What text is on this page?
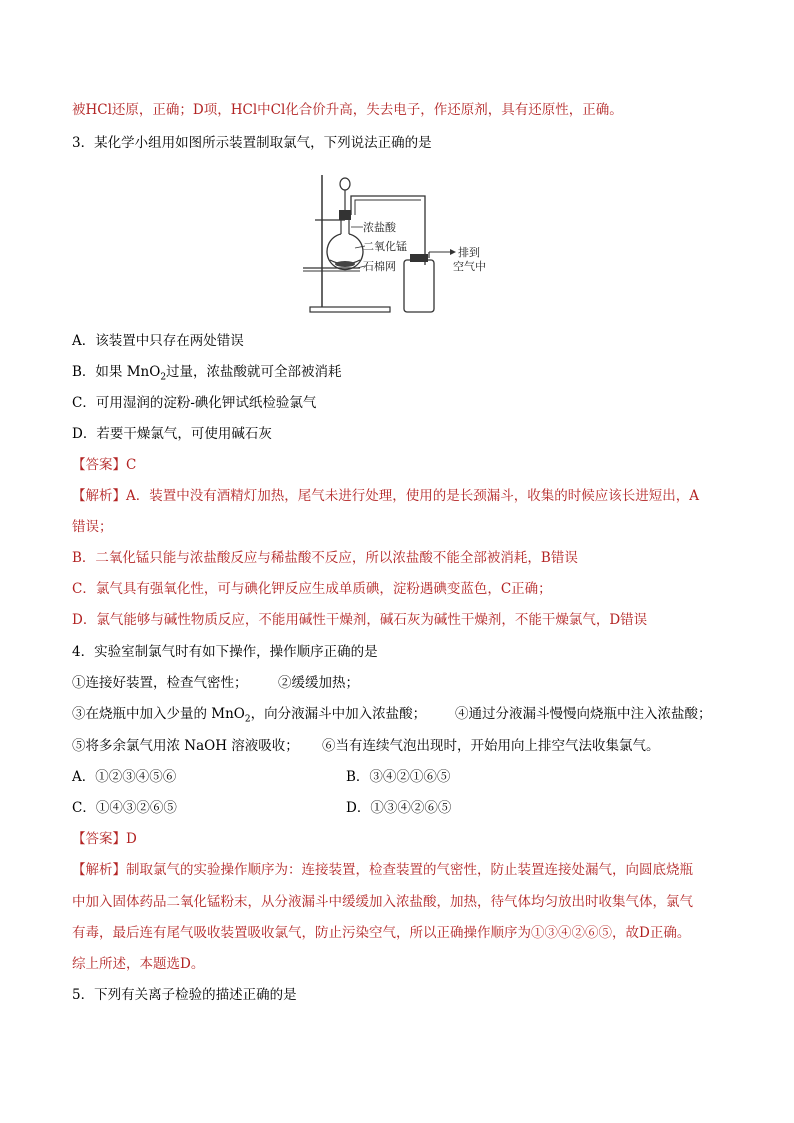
被HCl还原，正确；D项，HCl中Cl化合价升高，失去电子，作还原剂，具有还原性，正确。
3．某化学小组用如图所示装置制取氯气，下列说法正确的是
浓盐酸
二氧化锰
石棉网
排到
空气中
A．该装置中只存在两处错误
B．如果 MnO$_2$过量，浓盐酸就可全部被消耗
C．可用湿润的淀粉-碘化钾试纸检验氯气
D．若要干燥氯气，可使用碱石灰
【答案】C
【解析】A．装置中没有酒精灯加热，尾气未进行处理，使用的是长颈漏斗，收集的时候应该长进短出，A
错误；
B．二氧化锰只能与浓盐酸反应与稀盐酸不反应，所以浓盐酸不能全部被消耗，B错误
C．氯气具有强氧化性，可与碘化钾反应生成单质碘，淀粉遇碘变蓝色，C正确；
D．氯气能够与碱性物质反应，不能用碱性干燥剂，碱石灰为碱性干燥剂，不能干燥氯气，D错误
4．实验室制氯气时有如下操作，操作顺序正确的是
①连接好装置，检查气密性； ②缓缓加热；
③在烧瓶中加入少量的 MnO$_2$，向分液漏斗中加入浓盐酸； ④通过分液漏斗慢慢向烧瓶中注入浓盐酸；
⑤将多余氯气用浓 NaOH 溶液吸收； ⑥当有连续气泡出现时，开始用向上排空气法收集氯气。
A．①②③④⑤⑥	B．③④②①⑥⑤
C．①④③②⑥⑤	D．①③④②⑥⑤
【答案】D
【解析】制取氯气的实验操作顺序为：连接装置，检查装置的气密性，防止装置连接处漏气，向圆底烧瓶
中加入固体药品二氧化锰粉末，从分液漏斗中缓缓加入浓盐酸，加热，待气体均匀放出时收集气体，氯气
有毒，最后连有尾气吸收装置吸收氯气，防止污染空气，所以正确操作顺序为①③④②⑥⑤，故D正确。
综上所述，本题选D。
5．下列有关离子检验的描述正确的是
